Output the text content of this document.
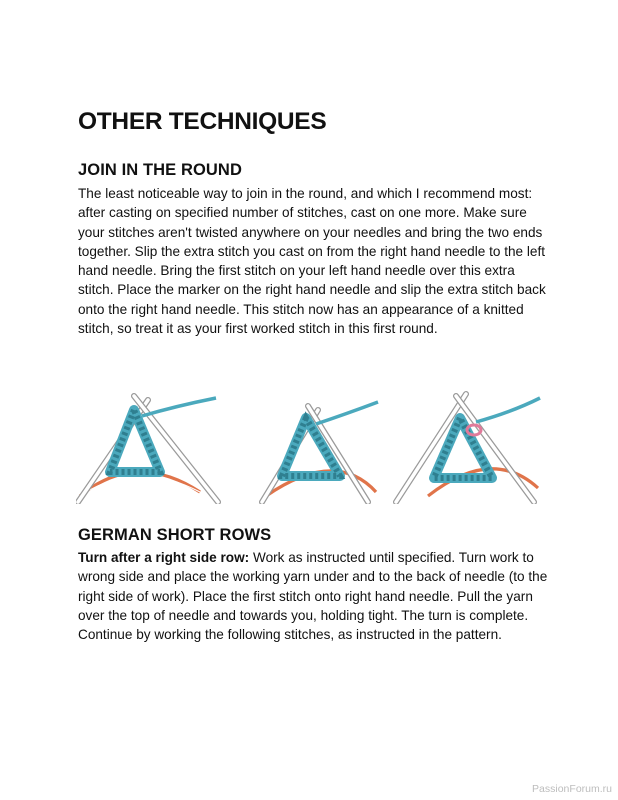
OTHER TECHNIQUES
JOIN IN THE ROUND

The least noticeable way to join in the round, and which I recommend most: after casting on specified number of stitches, cast on one more. Make sure your stitches aren't twisted anywhere on your needles and bring the two ends together. Slip the extra stitch you cast on from the right hand needle to the left hand needle. Bring the first stitch on your left hand needle over this extra stitch. Place the marker on the right hand needle and slip the extra stitch back onto the right hand needle. This stitch now has an appearance of a knitted stitch, so treat it as your first worked stitch in this first round.

GERMAN SHORT ROWS

Turn after a right side row: Work as instructed until specified. Turn work to wrong side and place the working yarn under and to the back of needle (to the right side of work). Place the first stitch onto right hand needle. Pull the yarn over the top of needle and towards you, holding tight. The turn is complete. Continue by working the following stitches, as instructed in the pattern.

PassionForum.ru
